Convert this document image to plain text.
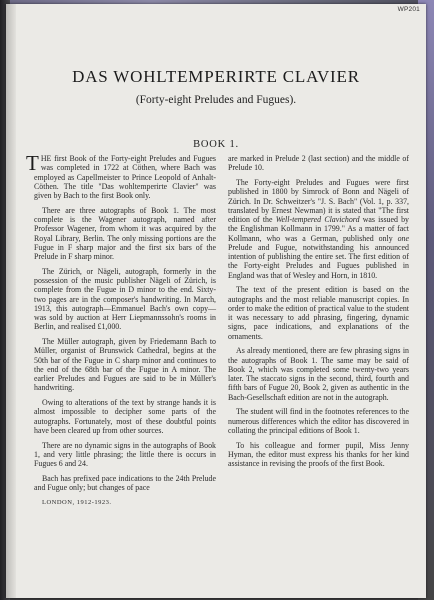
WP201
DAS WOHLTEMPERIRTE CLAVIER
(Forty-eight Preludes and Fugues).
BOOK 1.

THE first Book of the Forty-eight Preludes and Fugues was completed in 1722 at Cöthen, where Bach was employed as Capellmeister to Prince Leopold of Anhalt-Cöthen. The title "Das wohltemperirte Clavier" was given by Bach to the first Book only.

There are three autographs of Book 1. The most complete is the Wagener autograph, named after Professor Wagener, from whom it was acquired by the Royal Library, Berlin. The only missing portions are the Fugue in F sharp major and the first six bars of the Prelude in F sharp minor.

The Zürich, or Nägeli, autograph, formerly in the possession of the music publisher Nägeli of Zürich, is complete from the Fugue in D minor to the end. Sixty-two pages are in the composer's handwriting. In March, 1913, this autograph—Emmanuel Bach's own copy—was sold by auction at Herr Liepmannssohn's rooms in Berlin, and realised £1,000.

The Müller autograph, given by Friedemann Bach to Müller, organist of Brunswick Cathedral, begins at the 50th bar of the Fugue in C sharp minor and continues to the end of the 68th bar of the Fugue in A minor. The earlier Preludes and Fugues are said to be in Müller's handwriting.

Owing to alterations of the text by strange hands it is almost impossible to decipher some parts of the autographs. Fortunately, most of these doubtful points have been cleared up from other sources.

There are no dynamic signs in the autographs of Book 1, and very little phrasing; the little there is occurs in Fugues 6 and 24.

Bach has prefixed pace indications to the 24th Prelude and Fugue only; but changes of pace

LONDON, 1912-1923.

are marked in Prelude 2 (last section) and the middle of Prelude 10.

The Forty-eight Preludes and Fugues were first published in 1800 by Simrock of Bonn and Nägeli of Zürich. In Dr. Schweitzer's "J. S. Bach" (Vol. 1, p. 337, translated by Ernest Newman) it is stated that "The first edition of the Well-tempered Clavichord was issued by the Englishman Kollmann in 1799." As a matter of fact Kollmann, who was a German, published only one Prelude and Fugue, notwithstanding his announced intention of publishing the entire set. The first edition of the Forty-eight Preludes and Fugues published in England was that of Wesley and Horn, in 1810.

The text of the present edition is based on the autographs and the most reliable manuscript copies. In order to make the edition of practical value to the student it was necessary to add phrasing, fingering, dynamic signs, pace indications, and explanations of the ornaments.

As already mentioned, there are few phrasing signs in the autographs of Book 1. The same may be said of Book 2, which was completed some twenty-two years later. The staccato signs in the second, third, fourth and fifth bars of Fugue 20, Book 2, given as authentic in the Bach-Gesellschaft edition are not in the autograph.

The student will find in the footnotes references to the numerous differences which the editor has discovered in collating the principal editions of Book 1.

To his colleague and former pupil, Miss Jenny Hyman, the editor must express his thanks for her kind assistance in revising the proofs of the first Book.
